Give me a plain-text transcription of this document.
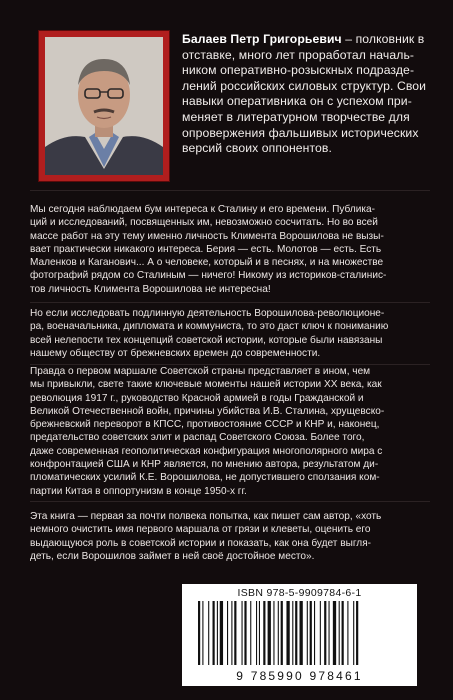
Балаев Петр Григорьевич – полковник в
отставке, много лет проработал началь-
ником оперативно-розыскных подразде-
лений российских силовых структур. Свои
навыки оперативника он с успехом при-
меняет в литературном творчестве для
опровержения фальшивых исторических
версий своих оппонентов.
Мы сегодня наблюдаем бум интереса к Сталину и его времени. Публика-
ций и исследований, посвященных им, невозможно сосчитать. Но во всей
массе работ на эту тему именно личность Климента Ворошилова не вызы-
вает практически никакого интереса. Берия — есть. Молотов — есть. Есть
Маленков и Каганович... А о человеке, который и в песнях, и на множестве
фотографий рядом со Сталиным — ничего! Никому из историков-сталинис-
тов личность Климента Ворошилова не интересна!
Но если исследовать подлинную деятельность Ворошилова-революционе-
ра, военачальника, дипломата и коммуниста, то это даст ключ к пониманию
всей нелепости тех концепций советской истории, которые были навязаны
нашему обществу от брежневских времен до современности.
Правда о первом маршале Советской страны представляет в ином, чем
мы привыкли, свете такие ключевые моменты нашей истории XX века, как
революция 1917 г., руководство Красной армией в годы Гражданской и
Великой Отечественной войн, причины убийства И.В. Сталина, хрущевско-
брежневский переворот в КПСС, противостояние СССР и КНР и, наконец,
предательство советских элит и распад Советского Союза. Более того,
даже современная геополитическая конфигурация многополярного мира с
конфронтацией США и КНР является, по мнению автора, результатом ди-
пломатических усилий К.Е. Ворошилова, не допустившего сползания ком-
партии Китая в оппортунизм в конце 1950-х гг.
Эта книга — первая за почти полвека попытка, как пишет сам автор, «хоть
немного очистить имя первого маршала от грязи и клеветы, оценить его
выдающуюся роль в советской истории и показать, как она будет выгля-
деть, если Ворошилов займет в ней своё достойное место».
ISBN 978-5-9909784-6-1
9 785990 978461
